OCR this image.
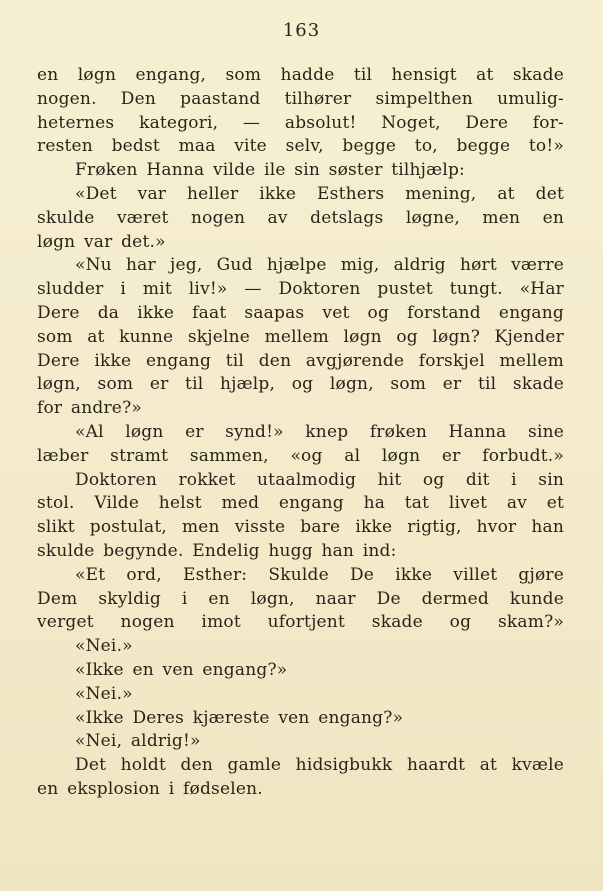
163
en løgn engang, som hadde til hensigt at skade
nogen. Den paastand tilhører simpelthen umulig-
heternes kategori, — absolut! Noget, Dere for-
resten bedst maa vite selv, begge to, begge to!»
Frøken Hanna vilde ile sin søster tilhjælp:
«Det var heller ikke Esthers mening, at det
skulde været nogen av detslags løgne, men en
løgn var det.»
«Nu har jeg, Gud hjælpe mig, aldrig hørt værre
sludder i mit liv!» — Doktoren pustet tungt. «Har
Dere da ikke faat saapas vet og forstand engang
som at kunne skjelne mellem løgn og løgn? Kjender
Dere ikke engang til den avgjørende forskjel mellem
løgn, som er til hjælp, og løgn, som er til skade
for andre?»
«Al løgn er synd!» knep frøken Hanna sine
læber stramt sammen, «og al løgn er forbudt.»
Doktoren rokket utaalmodig hit og dit i sin
stol. Vilde helst med engang ha tat livet av et
slikt postulat, men visste bare ikke rigtig, hvor han
skulde begynde. Endelig hugg han ind:
«Et ord, Esther: Skulde De ikke villet gjøre
Dem skyldig i en løgn, naar De dermed kunde
verget nogen imot ufortjent skade og skam?»
«Nei.»
«Ikke en ven engang?»
«Nei.»
«Ikke Deres kjæreste ven engang?»
«Nei, aldrig!»
Det holdt den gamle hidsigbukk haardt at kvæle
en eksplosion i fødselen.
